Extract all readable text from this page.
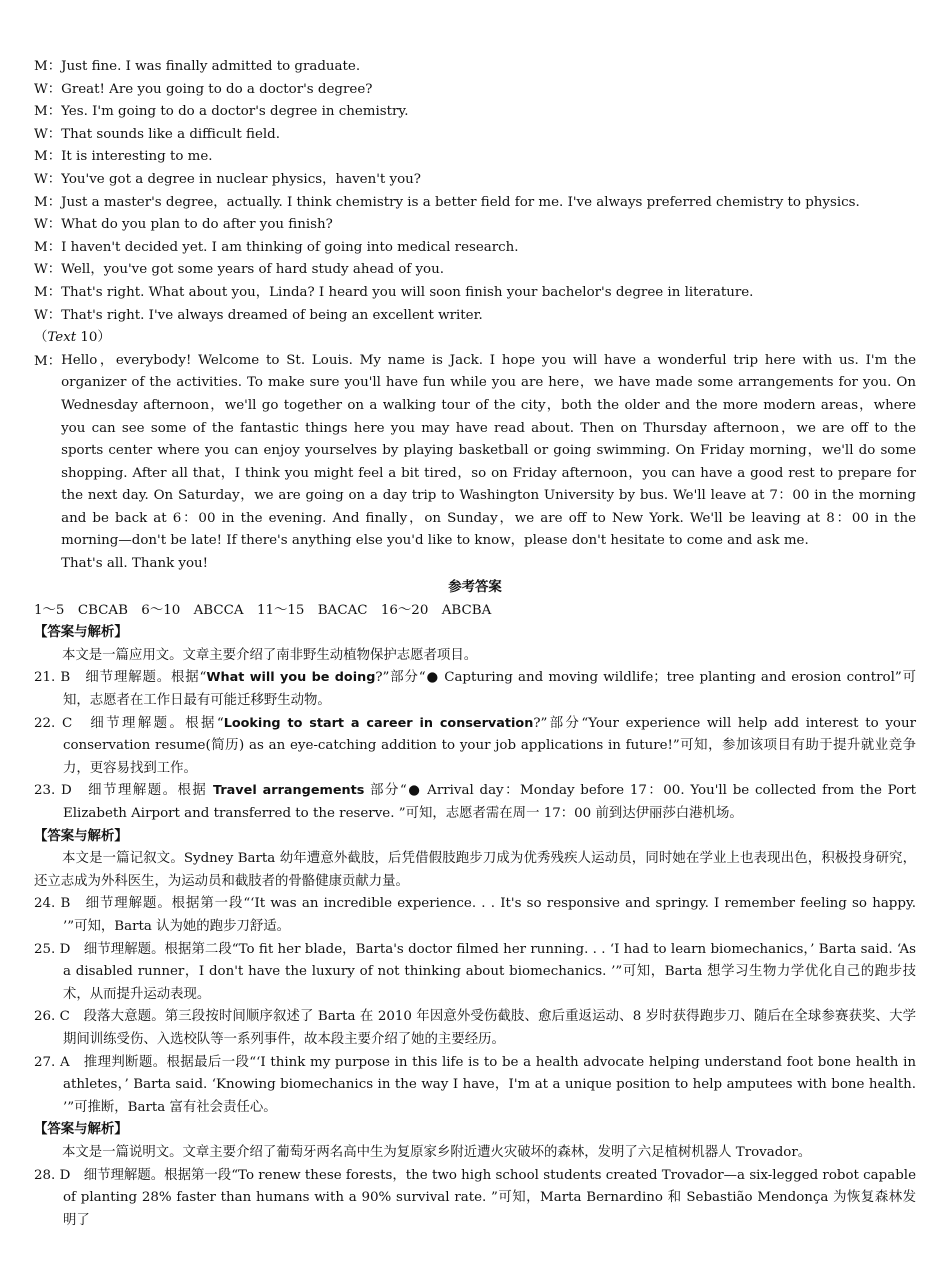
M：Just fine. I was finally admitted to graduate.
W：Great! Are you going to do a doctor's degree?
M：Yes. I'm going to do a doctor's degree in chemistry.
W：That sounds like a difficult field.
M：It is interesting to me.
W：You've got a degree in nuclear physics，haven't you?
M：Just a master's degree，actually. I think chemistry is a better field for me. I've always preferred chemistry to physics.
W：What do you plan to do after you finish?
M：I haven't decided yet. I am thinking of going into medical research.
W：Well，you've got some years of hard study ahead of you.
M：That's right. What about you，Linda? I heard you will soon finish your bachelor's degree in literature.
W：That's right. I've always dreamed of being an excellent writer.
（Text 10）
M： Hello，everybody! Welcome to St. Louis. My name is Jack. I hope you will have a wonderful trip here with us. I'm the organizer of the activities. To make sure you'll have fun while you are here，we have made some arrangements for you. On Wednesday afternoon，we'll go together on a walking tour of the city，both the older and the more modern areas，where you can see some of the fantastic things here you may have read about. Then on Thursday afternoon，we are off to the sports center where you can enjoy yourselves by playing basketball or going swimming. On Friday morning，we'll do some shopping. After all that，I think you might feel a bit tired，so on Friday afternoon，you can have a good rest to prepare for the next day. On Saturday，we are going on a day trip to Washington University by bus. We'll leave at 7：00 in the morning and be back at 6：00 in the evening. And finally，on Sunday，we are off to New York. We'll be leaving at 8：00 in the morning—don't be late! If there's anything else you'd like to know，please don't hesitate to come and ask me.
That's all. Thank you!
参考答案
1～5　CBCAB　6～10　ABCCA　11～15　BACAC　16～20　ABCBA
【答案与解析】
本文是一篇应用文。文章主要介绍了南非野生动植物保护志愿者项目。
21. B　细节理解题。根据“What will you be doing?”部分“● Capturing and moving wildlife；tree planting and erosion control”可知，志愿者在工作日最有可能迁移野生动物。
22. C　细节理解题。根据“Looking to start a career in conservation?”部分“Your experience will help add interest to your conservation resume(简历) as an eye-catching addition to your job applications in future!”可知，参加该项目有助于提升就业竞争力，更容易找到工作。
23. D　细节理解题。根据 Travel arrangements 部分“● Arrival day：Monday before 17：00. You'll be collected from the Port Elizabeth Airport and transferred to the reserve. ”可知，志愿者需在周一 17：00 前到达伊丽莎白港机场。
【答案与解析】
本文是一篇记叙文。Sydney Barta 幼年遭意外截肢，后凭借假肢跑步刀成为优秀残疾人运动员，同时她在学业上也表现出色，积极投身研究，还立志成为外科医生，为运动员和截肢者的骨骼健康贡献力量。
24. B　细节理解题。根据第一段“‘It was an incredible experience. . . It's so responsive and springy. I remember feeling so happy. ’”可知，Barta 认为她的跑步刀舒适。
25. D　细节理解题。根据第二段“To fit her blade，Barta's doctor filmed her running. . . ‘I had to learn biomechanics，’ Barta said. ‘As a disabled runner，I don't have the luxury of not thinking about biomechanics. ’”可知，Barta 想学习生物力学优化自己的跑步技术，从而提升运动表现。
26. C　段落大意题。第三段按时间顺序叙述了 Barta 在 2010 年因意外受伤截肢、愈后重返运动、8 岁时获得跑步刀、随后在全球参赛获奖、大学期间训练受伤、入选校队等一系列事件，故本段主要介绍了她的主要经历。
27. A　推理判断题。根据最后一段“‘I think my purpose in this life is to be a health advocate helping understand foot bone health in athletes，’ Barta said. ‘Knowing biomechanics in the way I have，I'm at a unique position to help amputees with bone health. ’”可推断，Barta 富有社会责任心。
【答案与解析】
本文是一篇说明文。文章主要介绍了葡萄牙两名高中生为复原家乡附近遭火灾破坏的森林，发明了六足植树机器人 Trovador。
28. D　细节理解题。根据第一段“To renew these forests，the two high school students created Trovador—a six-legged robot capable of planting 28% faster than humans with a 90% survival rate. ”可知，Marta Bernardino 和 Sebastião Mendonça 为恢复森林发明了
